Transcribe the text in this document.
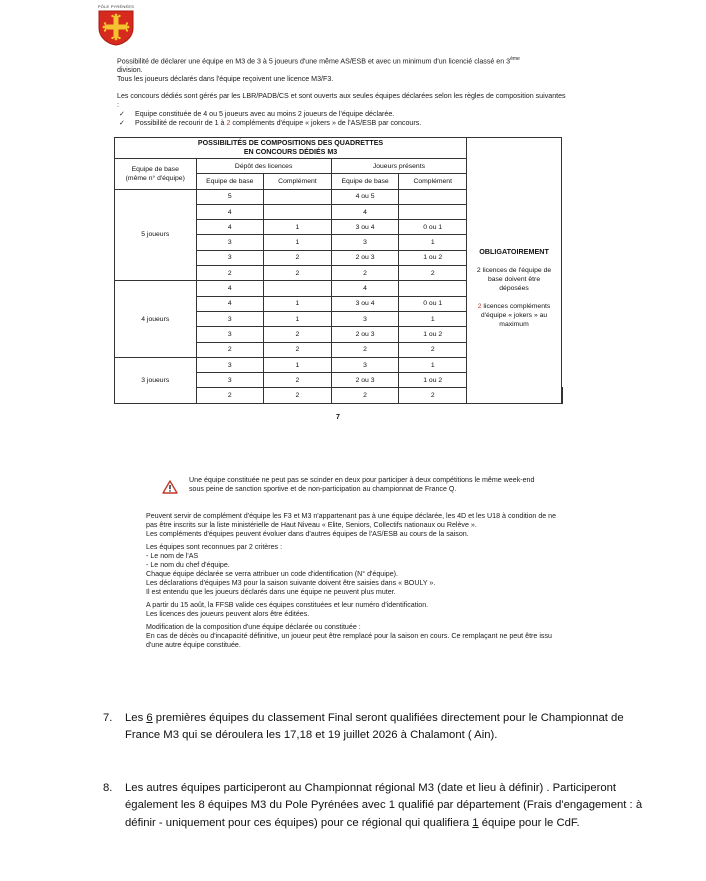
PÔLE PYRÉNÉES

Possibilité de déclarer une équipe en M3 de 3 à 5 joueurs d'une même AS/ESB et avec un minimum d'un licencié classé en 3ème

division.

Tous les joueurs déclarés dans l'équipe reçoivent une licence M3/F3.

Les concours dédiés sont gérés par les LBR/PADB/CS et sont ouverts aux seules équipes déclarées selon les règles de composition suivantes :

✓ Equipe constituée de 4 ou 5 joueurs avec au moins 2 joueurs de l'équipe déclarée.
✓ Possibilité de recourir de 1 à 2 compléments d'équipe « jokers » de l'AS/ESB par concours.
POSSIBILITÉS DE COMPOSITIONS DES QUADRETTES
EN CONCOURS DÉDIÉS M3						

Equipe de base
(même n° d'équipe)	Dépôt des licences		Joueurs présents			
	Equipe de base	Complément	Equipe de base	Complément	OBLIGATOIREMENT
2 licences de l'équipe de base doivent être déposées
2 licences compléments d'équipe « jokers » au maximum	

5 joueurs	5		4 ou 5			
	4		4			
	4	1	3 ou 4	0 ou 1		
	3	1	3	1		
	3	2	2 ou 3	1 ou 2		
	2	2	2	2		
4 joueurs	4		4			
	4	1	3 ou 4	0 ou 1		
	3	1	3	1		
	3	2	2 ou 3	1 ou 2		
	2	2	2	2		
3 joueurs	3	1	3	1		
	3	2	2 ou 3	1 ou 2		
	2	2	2	2		
7
Une équipe constituée ne peut pas se scinder en deux pour participer à deux compétitions le même week-end
sous peine de sanction sportive et de non-participation au championnat de France Q.

Peuvent servir de complément d'équipe les F3 et M3 n'appartenant pas à une équipe déclarée, les 4D et les U18 à condition de ne pas être inscrits sur la liste ministérielle de Haut Niveau « Elite, Seniors, Collectifs nationaux ou Relève ».
Les compléments d'équipes peuvent évoluer dans d'autres équipes de l'AS/ESB au cours de la saison.

Les équipes sont reconnues par 2 critères :
- Le nom de l'AS
- Le nom du chef d'équipe.
Chaque équipe déclarée se verra attribuer un code d'identification (N° d'équipe).
Les déclarations d'équipes M3 pour la saison suivante doivent être saisies dans « BOULY ».
Il est entendu que les joueurs déclarés dans une équipe ne peuvent plus muter.

A partir du 15 août, la FFSB valide ces équipes constituées et leur numéro d'identification.
Les licences des joueurs peuvent alors être éditées.

Modification de la composition d'une équipe déclarée ou constituée :
En cas de décès ou d'incapacité définitive, un joueur peut être remplacé pour la saison en cours. Ce remplaçant ne peut être issu d'une autre équipe constituée.

7. Les 6 premières équipes du classement Final seront qualifiées directement pour le Championnat de France M3 qui se déroulera les 17,18 et 19 juillet 2026 à Chalamont ( Ain).
8. Les autres équipes participeront au Championnat régional M3 (date et lieu à définir) . Participeront également les 8 équipes M3 du Pole Pyrénées avec 1 qualifié par département (Frais d'engagement : à définir - uniquement pour ces équipes) pour ce régional qui qualifiera 1 équipe pour le CdF.
